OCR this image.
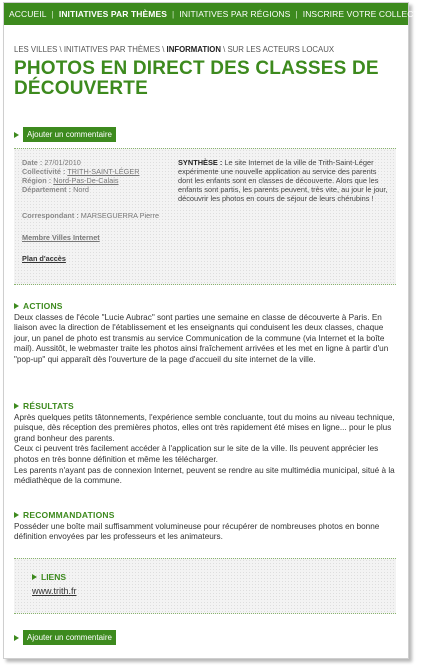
ACCUEIL | INITIATIVES PAR THÈMES | INITIATIVES PAR RÉGIONS | INSCRIRE VOTRE COLLECTIVITÉ
LES VILLES \ INITIATIVES PAR THÈMES \ INFORMATION \ SUR LES ACTEURS LOCAUX
PHOTOS EN DIRECT DES CLASSES DE DÉCOUVERTE
Ajouter un commentaire
Date : 27/01/2010
Collectivité : TRITH-SAINT-LÉGER
Région : Nord-Pas-De-Calais
Département : Nord
Correspondant : MARSEGUERRA Pierre
Membre Villes Internet
Plan d'accès
SYNTHÈSE : Le site Internet de la ville de Trith-Saint-Léger expérimente une nouvelle application au service des parents dont les enfants sont en classes de découverte. Alors que les enfants sont partis, les parents peuvent, très vite, au jour le jour, découvrir les photos en cours de séjour de leurs chérubins !
ACTIONS

Deux classes de l'école "Lucie Aubrac" sont parties une semaine en classe de découverte à Paris. En liaison avec la direction de l'établissement et les enseignants qui conduisent les deux classes, chaque jour, un panel de photo est transmis au service Communication de la commune (via Internet et la boîte mail). Aussitôt, le webmaster traite les photos ainsi fraîchement arrivées et les met en ligne à partir d'un "pop-up" qui apparaît dès l'ouverture de la page d'accueil du site internet de la ville.

RÉSULTATS

Après quelques petits tâtonnements, l'expérience semble concluante, tout du moins au niveau technique, puisque, dès réception des premières photos, elles ont très rapidement été mises en ligne... pour le plus grand bonheur des parents.

Ceux ci peuvent très facilement accéder à l'application sur le site de la ville. Ils peuvent apprécier les photos en très bonne définition et même les télécharger.

Les parents n'ayant pas de connexion Internet, peuvent se rendre au site multimédia municipal, situé à la médiathèque de la commune.

RECOMMANDATIONS

Posséder une boîte mail suffisamment volumineuse pour récupérer de nombreuses photos en bonne définition envoyées par les professeurs et les animateurs.

LIENS
www.trith.fr
Ajouter un commentaire
